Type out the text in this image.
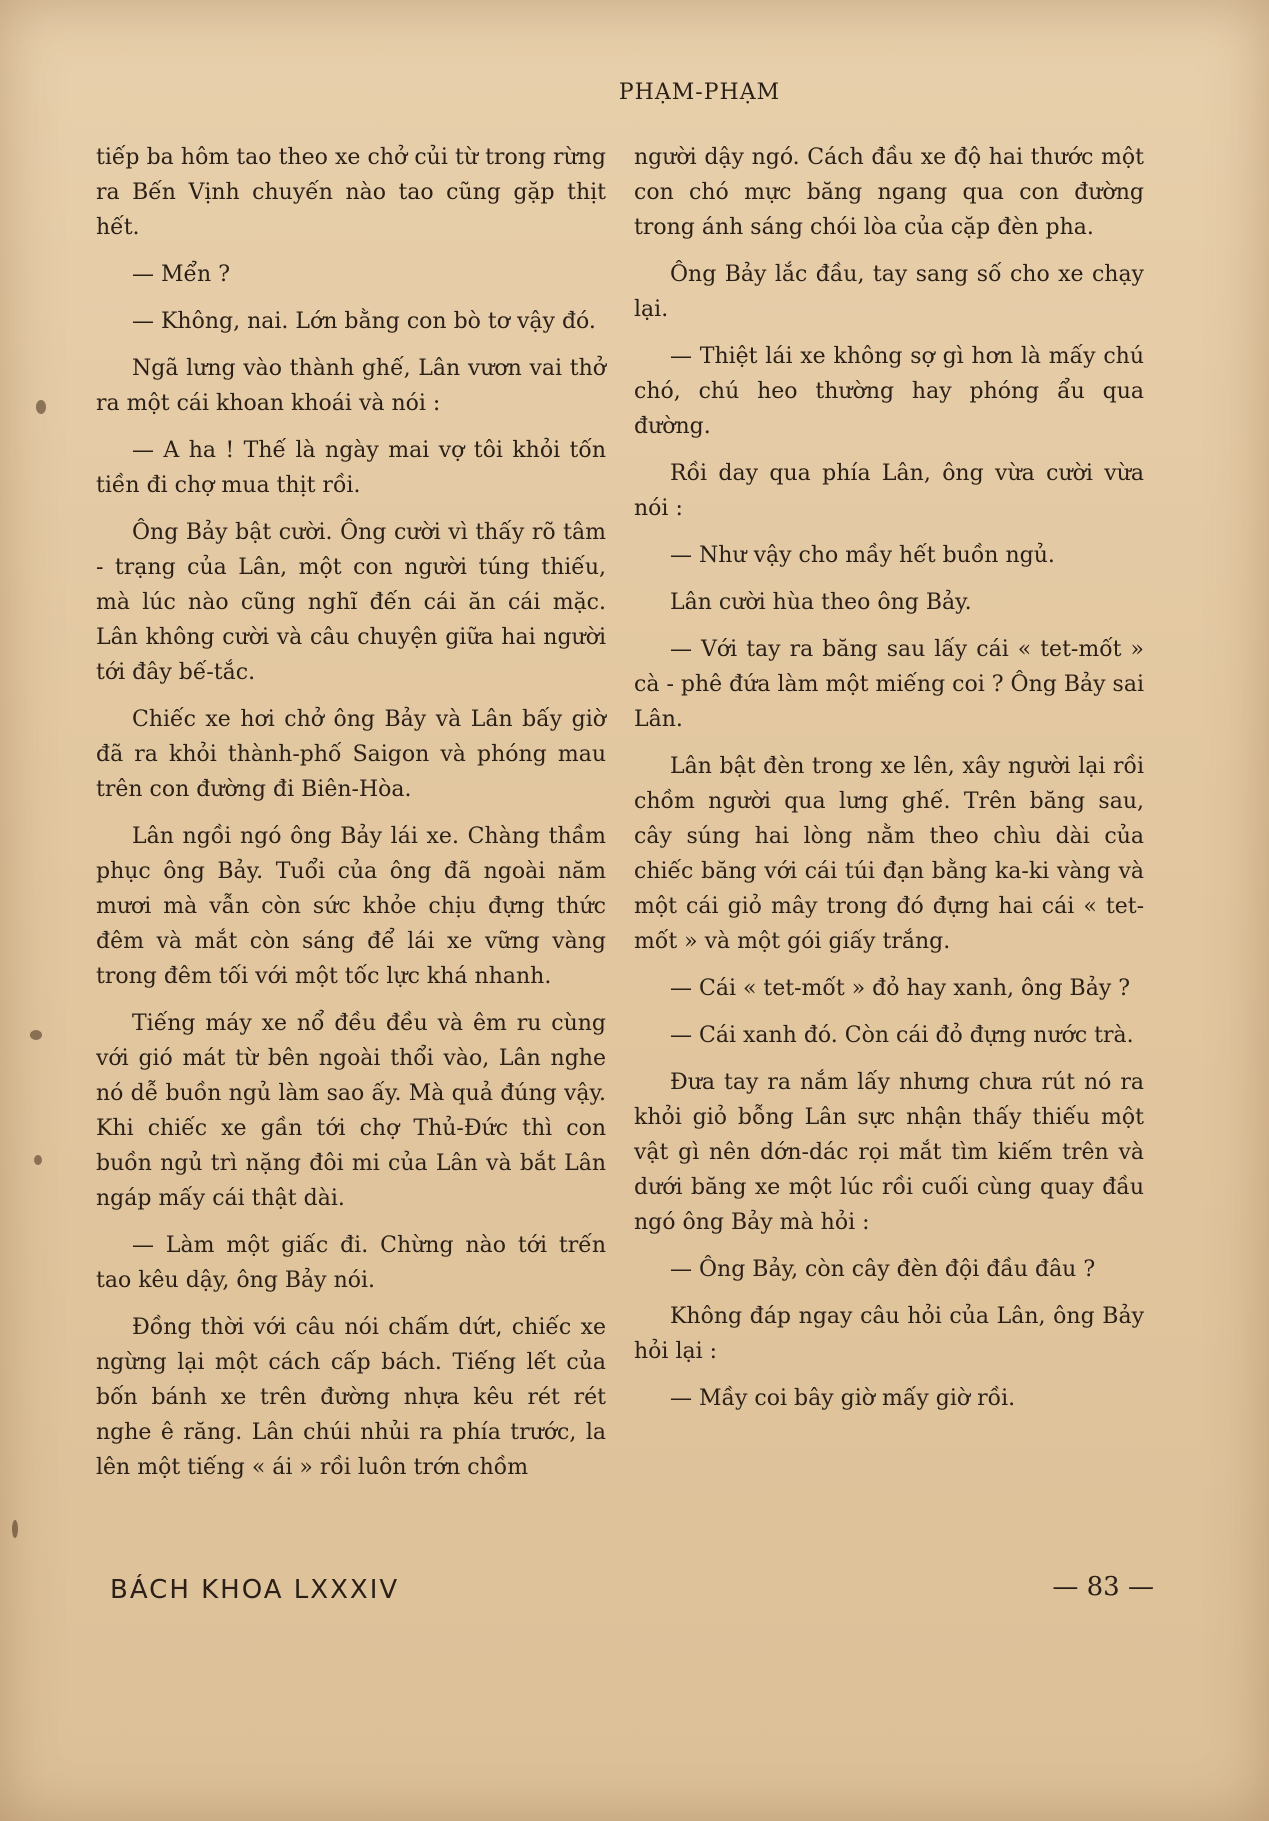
PHẠM-PHẠM

tiếp ba hôm tao theo xe chở củi từ trong rừng ra Bến Vịnh chuyến nào tao cũng gặp thịt hết.

— Mển ?

— Không, nai. Lớn bằng con bò tơ vậy đó.

Ngã lưng vào thành ghế, Lân vươn vai thở ra một cái khoan khoái và nói :

— A ha ! Thế là ngày mai vợ tôi khỏi tốn tiền đi chợ mua thịt rồi.

Ông Bảy bật cười. Ông cười vì thấy rõ tâm - trạng của Lân, một con người túng thiếu, mà lúc nào cũng nghĩ đến cái ăn cái mặc. Lân không cười và câu chuyện giữa hai người tới đây bế-tắc.

Chiếc xe hơi chở ông Bảy và Lân bấy giờ đã ra khỏi thành-phố Saigon và phóng mau trên con đường đi Biên-Hòa.

Lân ngồi ngó ông Bảy lái xe. Chàng thầm phục ông Bảy. Tuổi của ông đã ngoài năm mươi mà vẫn còn sức khỏe chịu đựng thức đêm và mắt còn sáng để lái xe vững vàng trong đêm tối với một tốc lực khá nhanh.

Tiếng máy xe nổ đều đều và êm ru cùng với gió mát từ bên ngoài thổi vào, Lân nghe nó dễ buồn ngủ làm sao ấy. Mà quả đúng vậy. Khi chiếc xe gần tới chợ Thủ-Đức thì con buồn ngủ trì nặng đôi mi của Lân và bắt Lân ngáp mấy cái thật dài.

— Làm một giấc đi. Chừng nào tới trến tao kêu dậy, ông Bảy nói.

Đồng thời với câu nói chấm dứt, chiếc xe ngừng lại một cách cấp bách. Tiếng lết của bốn bánh xe trên đường nhựa kêu rét rét nghe ê răng. Lân chúi nhủi ra phía trước, la lên một tiếng « ái » rồi luôn trớn chồm

người dậy ngó. Cách đầu xe độ hai thước một con chó mực băng ngang qua con đường trong ánh sáng chói lòa của cặp đèn pha.

Ông Bảy lắc đầu, tay sang số cho xe chạy lại.

— Thiệt lái xe không sợ gì hơn là mấy chú chó, chú heo thường hay phóng ẩu qua đường.

Rồi day qua phía Lân, ông vừa cười vừa nói :

— Như vậy cho mầy hết buồn ngủ.

Lân cười hùa theo ông Bảy.

— Với tay ra băng sau lấy cái « tet-mốt » cà - phê đứa làm một miếng coi ? Ông Bảy sai Lân.

Lân bật đèn trong xe lên, xây người lại rồi chồm người qua lưng ghế. Trên băng sau, cây súng hai lòng nằm theo chìu dài của chiếc băng với cái túi đạn bằng ka-ki vàng và một cái giỏ mây trong đó đựng hai cái « tet-mốt » và một gói giấy trắng.

— Cái « tet-mốt » đỏ hay xanh, ông Bảy ?

— Cái xanh đó. Còn cái đỏ đựng nước trà.

Đưa tay ra nắm lấy nhưng chưa rút nó ra khỏi giỏ bỗng Lân sực nhận thấy thiếu một vật gì nên dớn-dác rọi mắt tìm kiếm trên và dưới băng xe một lúc rồi cuối cùng quay đầu ngó ông Bảy mà hỏi :

— Ông Bảy, còn cây đèn đội đầu đâu ?

Không đáp ngay câu hỏi của Lân, ông Bảy hỏi lại :

— Mầy coi bây giờ mấy giờ rồi.

BÁCH KHOA LXXXIV	— 83 —
